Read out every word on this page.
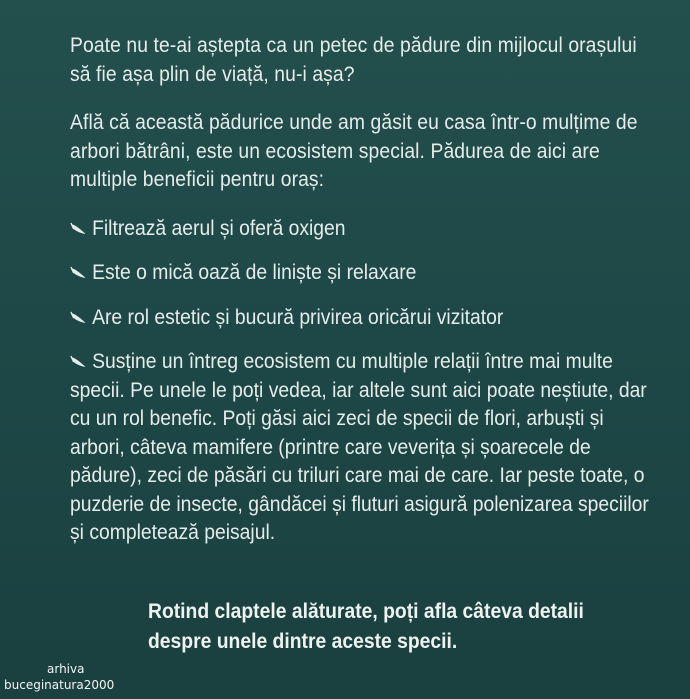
Poate nu te-ai aștepta ca un petec de pădure din mijlocul orașului să fie așa plin de viață, nu-i așa?

Află că această pădurice unde am găsit eu casa într-o mulțime de arbori bătrâni, este un ecosistem special. Pădurea de aici are multiple beneficii pentru oraș:

Filtrează aerul și oferă oxigen
Este o mică oază de liniște și relaxare
Are rol estetic și bucură privirea oricărui vizitator
Susține un întreg ecosistem cu multiple relații între mai multe specii. Pe unele le poți vedea, iar altele sunt aici poate neștiute, dar cu un rol benefic. Poți găsi aici zeci de specii de flori, arbuști și arbori, câteva mamifere (printre care veverița și șoarecele de pădure), zeci de păsări cu triluri care mai de care. Iar peste toate, o puzderie de insecte, gândăcei și fluturi asigură polenizarea speciilor și completează peisajul.
Rotind claptele alăturate, poți afla câteva detalii despre unele dintre aceste specii.
arhiva
buceginatura2000
